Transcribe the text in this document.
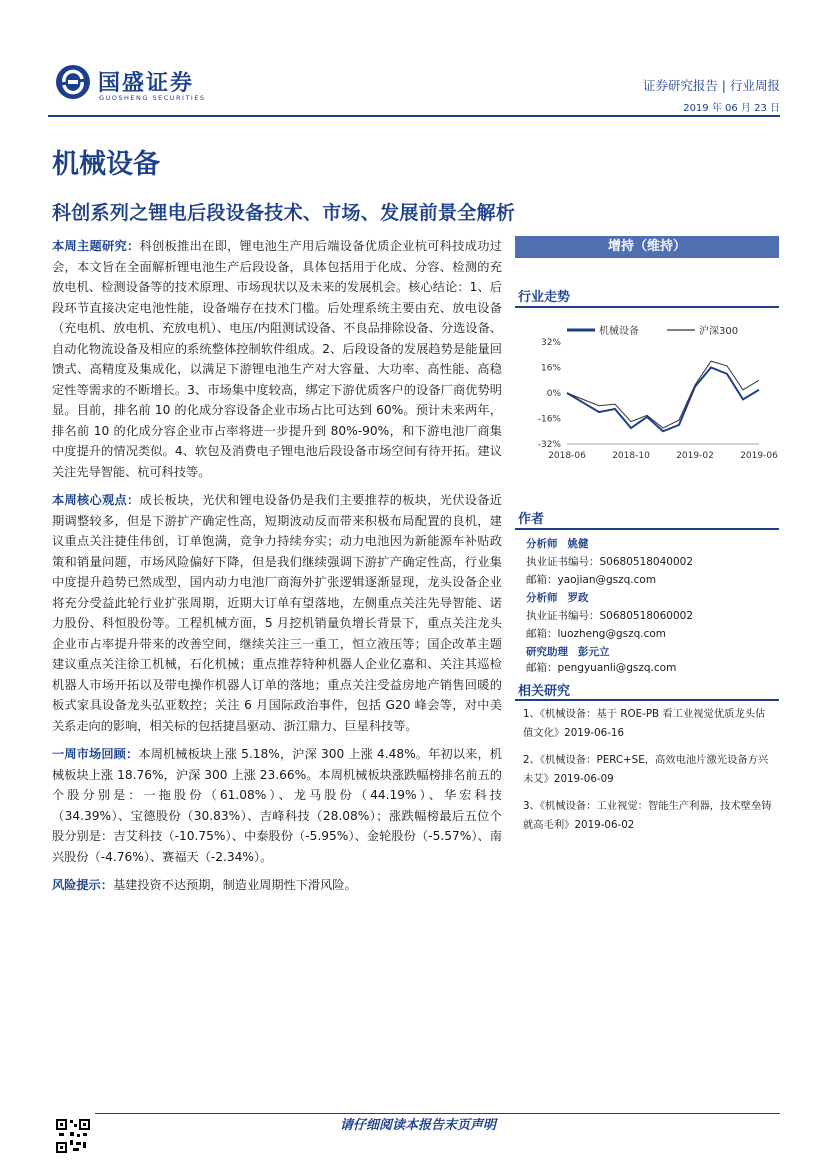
国盛证券
GUOSHENG SECURITIES
证券研究报告 | 行业周报
2019 年 06 月 23 日
机械设备
科创系列之锂电后段设备技术、市场、发展前景全解析

本周主题研究：科创板推出在即，锂电池生产用后端设备优质企业杭可科技成功过会，本文旨在全面解析锂电池生产后段设备，具体包括用于化成、分容、检测的充放电机、检测设备等的技术原理、市场现状以及未来的发展机会。核心结论：1、后段环节直接决定电池性能，设备端存在技术门槛。后处理系统主要由充、放电设备（充电机、放电机、充放电机）、电压/内阻测试设备、不良品排除设备、分选设备、自动化物流设备及相应的系统整体控制软件组成。2、后段设备的发展趋势是能量回馈式、高精度及集成化，以满足下游锂电池生产对大容量、大功率、高性能、高稳定性等需求的不断增长。3、市场集中度较高，绑定下游优质客户的设备厂商优势明显。目前，排名前 10 的化成分容设备企业市场占比可达到 60%。预计未来两年，排名前 10 的化成分容企业市占率将进一步提升到 80%-90%，和下游电池厂商集中度提升的情况类似。4、软包及消费电子锂电池后段设备市场空间有待开拓。建议关注先导智能、杭可科技等。

本周核心观点：成长板块，光伏和锂电设备仍是我们主要推荐的板块，光伏设备近期调整较多，但是下游扩产确定性高，短期波动反而带来积极布局配置的良机，建议重点关注捷佳伟创，订单饱满，竞争力持续夯实；动力电池因为新能源车补贴政策和销量问题，市场风险偏好下降，但是我们继续强调下游扩产确定性高，行业集中度提升趋势已然成型，国内动力电池厂商海外扩张逻辑逐渐显现，龙头设备企业将充分受益此轮行业扩张周期，近期大订单有望落地，左侧重点关注先导智能、诺力股份、科恒股份等。工程机械方面，5 月挖机销量负增长背景下，重点关注龙头企业市占率提升带来的改善空间，继续关注三一重工，恒立液压等；国企改革主题建议重点关注徐工机械，石化机械；重点推荐特种机器人企业亿嘉和、关注其巡检机器人市场开拓以及带电操作机器人订单的落地；重点关注受益房地产销售回暖的板式家具设备龙头弘亚数控；关注 6 月国际政治事件，包括 G20 峰会等，对中美关系走向的影响，相关标的包括捷昌驱动、浙江鼎力、巨星科技等。

一周市场回顾：本周机械板块上涨 5.18%，沪深 300 上涨 4.48%。年初以来，机械板块上涨 18.76%，沪深 300 上涨 23.66%。本周机械板块涨跌幅榜排名前五的个股分别是：一拖股份（61.08%）、龙马股份（44.19%）、华宏科技（34.39%）、宝德股份（30.83%）、吉峰科技（28.08%）；涨跌幅榜最后五位个股分别是：吉艾科技（-10.75%）、中泰股份（-5.95%）、金轮股份（-5.57%）、南兴股份（-4.76%）、赛福天（-2.34%）。

风险提示：基建投资不达预期，制造业周期性下滑风险。

增持（维持）
行业走势
机械设备	沪深300
32%
16%
0%
-16%
-32%
2018-06	2018-10	2019-02	2019-06
作者
分析师 姚健
执业证书编号：S0680518040002
邮箱：yaojian@gszq.com
分析师 罗政
执业证书编号：S0680518060002
邮箱：luozheng@gszq.com
研究助理 彭元立
邮箱：pengyuanli@gszq.com
相关研究
1、《机械设备：基于 ROE-PB 看工业视觉优质龙头估值文化》2019-06-16
2、《机械设备：PERC+SE，高效电池片激光设备方兴未艾》2019-06-09
3、《机械设备：工业视觉：智能生产利器，技术壁垒铸就高毛利》2019-06-02
请仔细阅读本报告末页声明
